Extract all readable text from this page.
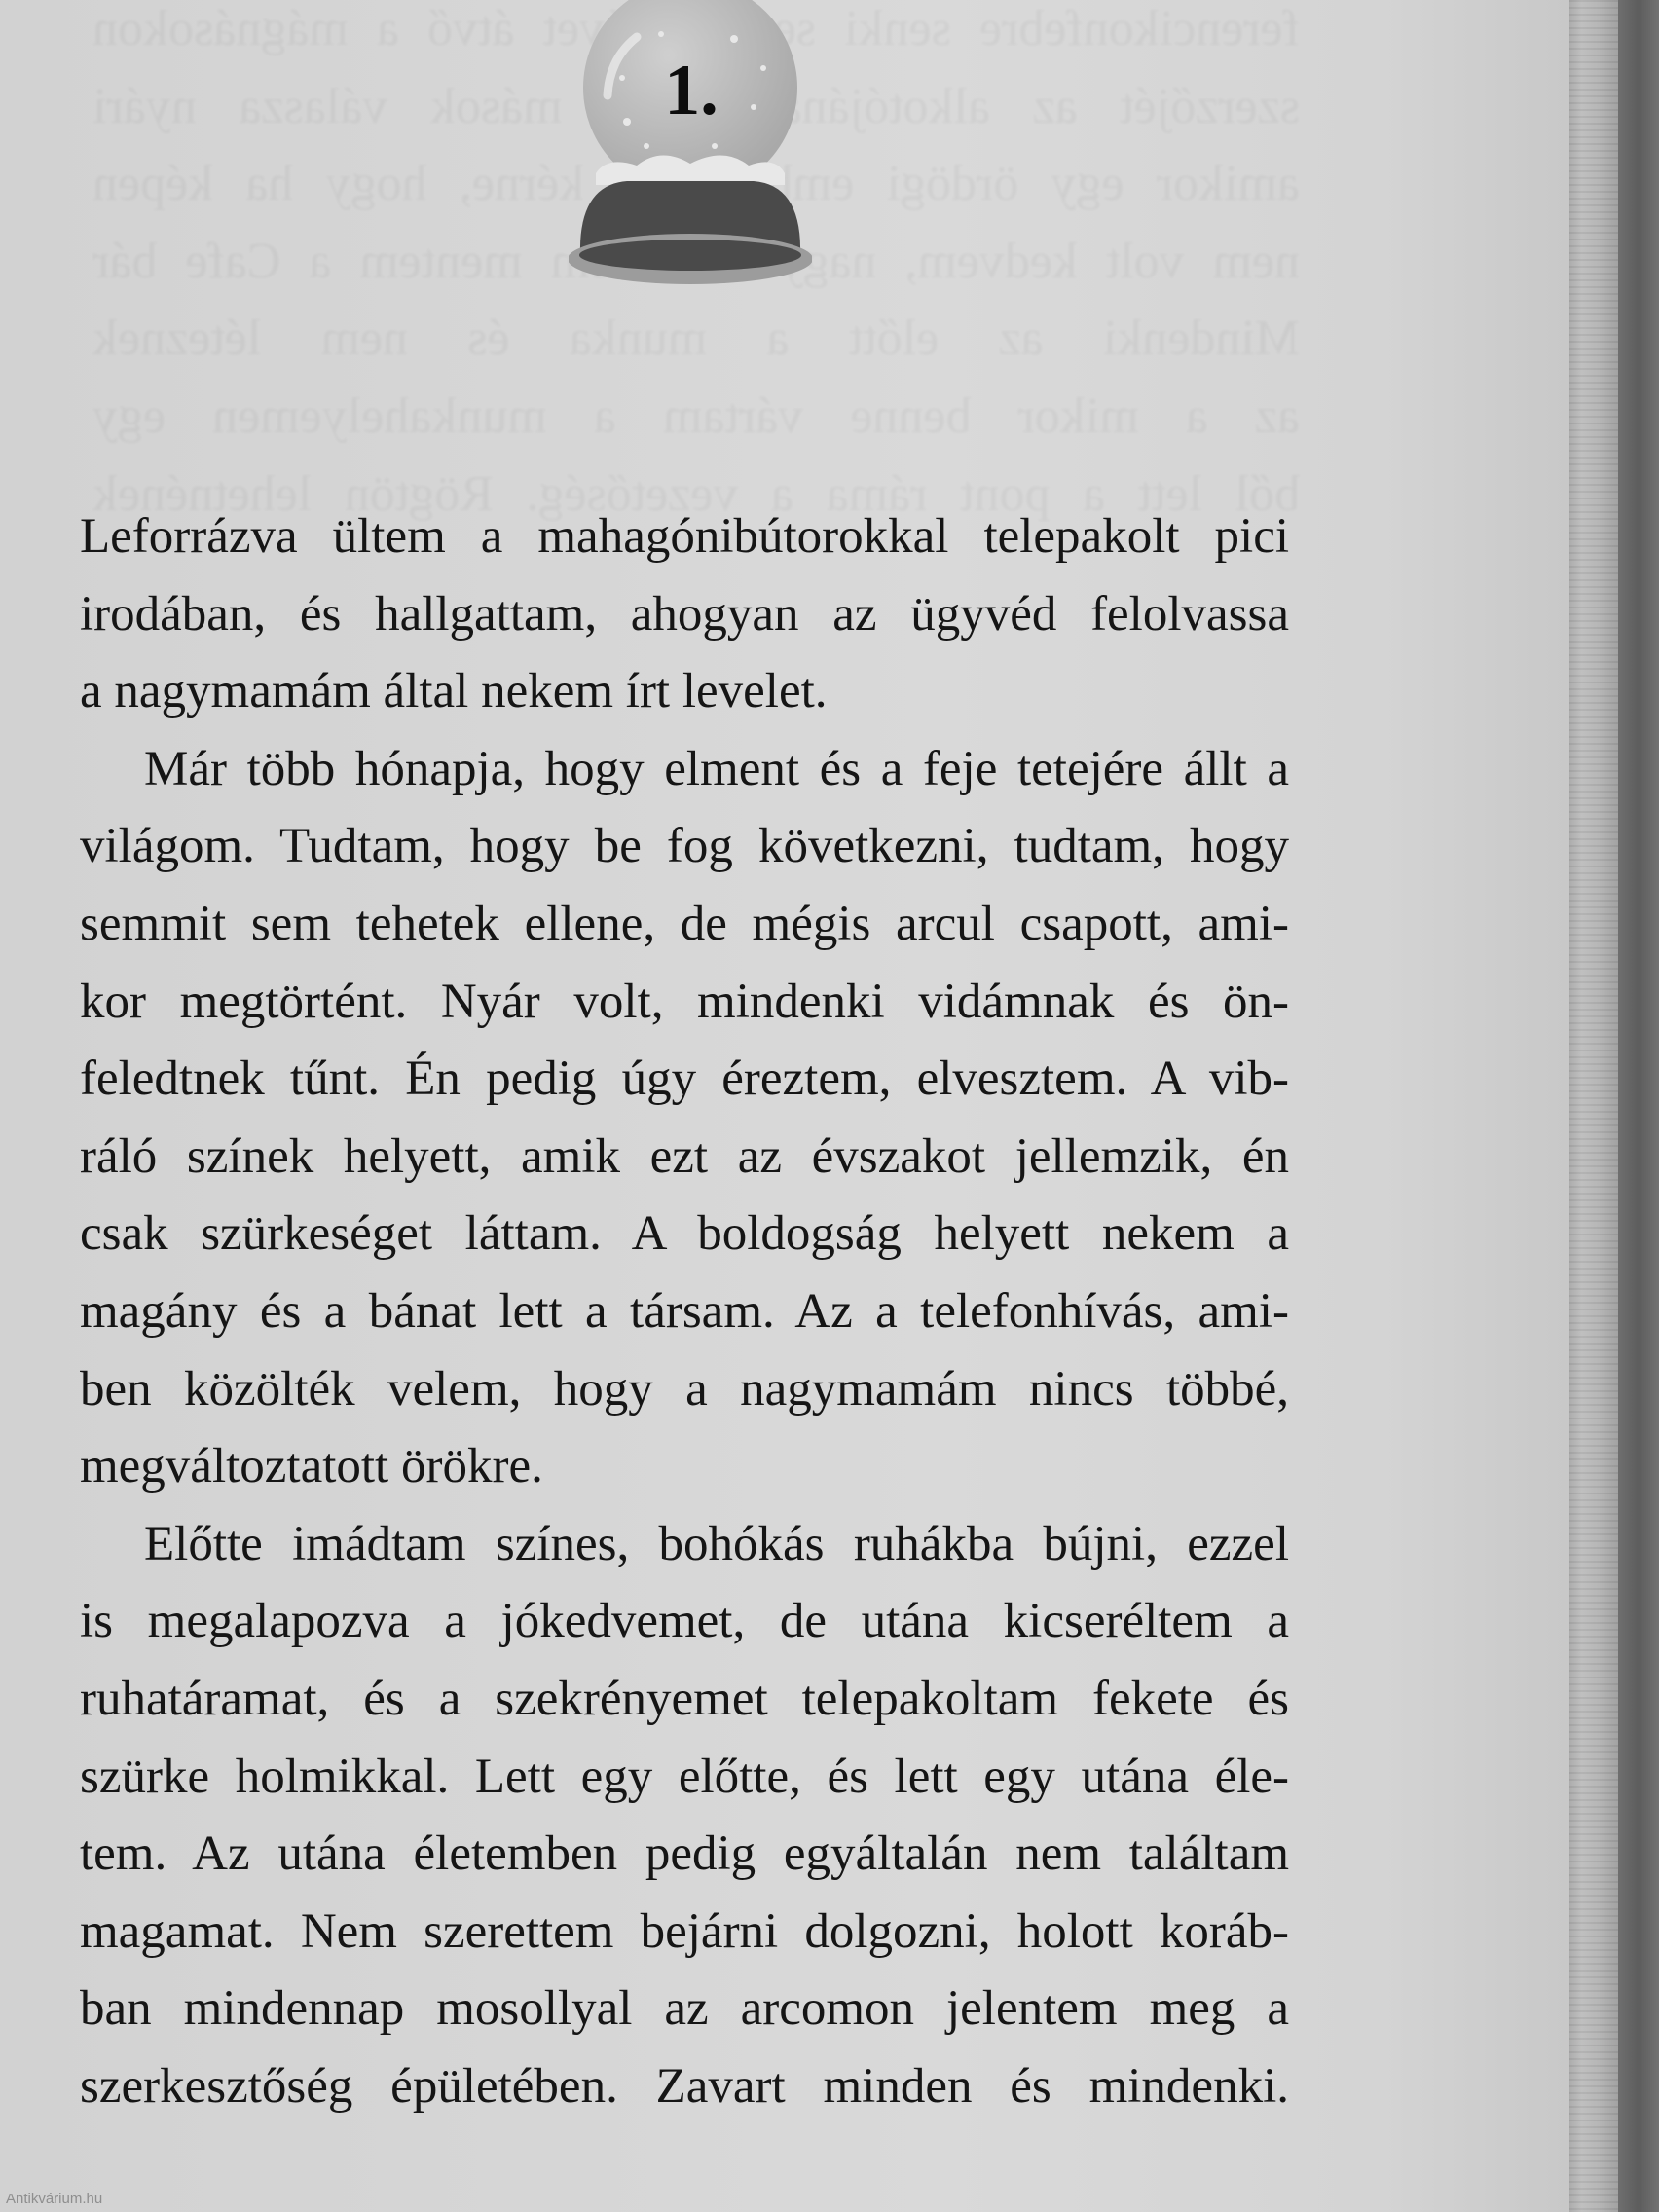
1.
Leforrázva ültem a mahagónibútorokkal telepakolt pici
irodában, és hallgattam, ahogyan az ügyvéd felolvassa
a nagymamám által nekem írt levelet.
Már több hónapja, hogy elment és a feje tetejére állt a
világom. Tudtam, hogy be fog következni, tudtam, hogy
semmit sem tehetek ellene, de mégis arcul csapott, ami-
kor megtörtént. Nyár volt, mindenki vidámnak és ön-
feledtnek tűnt. Én pedig úgy éreztem, elvesztem. A vib-
ráló színek helyett, amik ezt az évszakot jellemzik, én
csak szürkeséget láttam. A boldogság helyett nekem a
magány és a bánat lett a társam. Az a telefonhívás, ami-
ben közölték velem, hogy a nagymamám nincs többé,
megváltoztatott örökre.
Előtte imádtam színes, bohókás ruhákba bújni, ezzel
is megalapozva a jókedvemet, de utána kicseréltem a
ruhatáramat, és a szekrényemet telepakoltam fekete és
szürke holmikkal. Lett egy előtte, és lett egy utána éle-
tem. Az utána életemben pedig egyáltalán nem találtam
magamat. Nem szerettem bejárni dolgozni, holott koráb-
ban mindennap mosollyal az arcomon jelentem meg a
szerkesztőség épületében. Zavart minden és mindenki.
Antikvárium.hu
